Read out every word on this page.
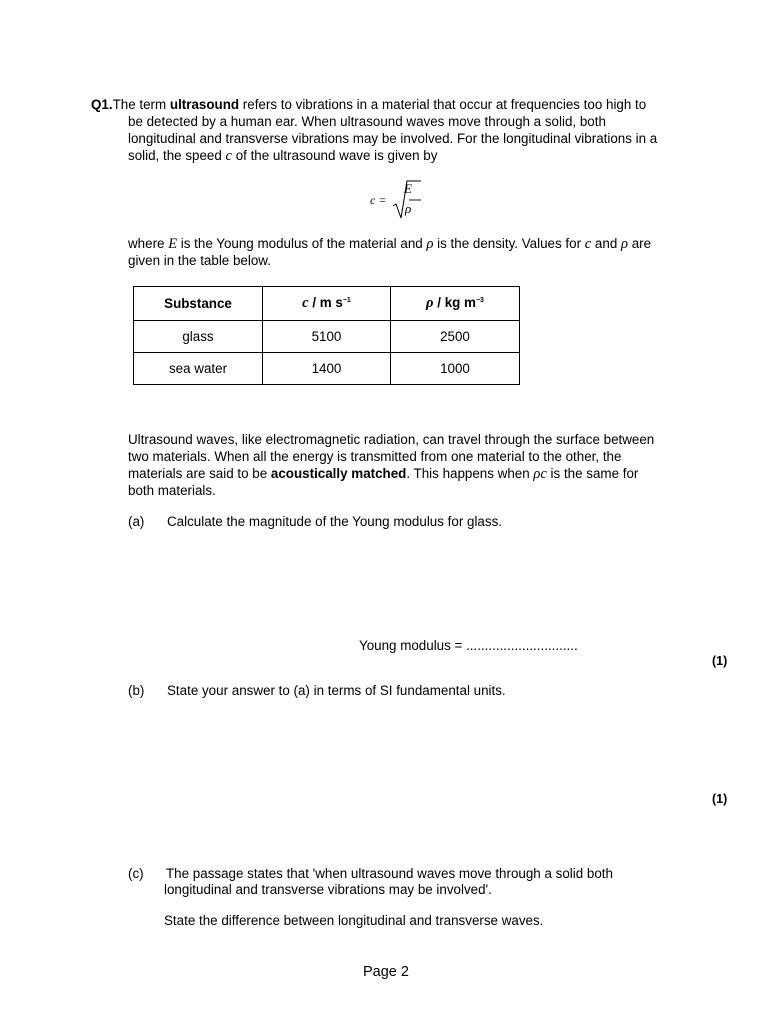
Q1.The term ultrasound refers to vibrations in a material that occur at frequencies too high to
be detected by a human ear. When ultrasound waves move through a solid, both
longitudinal and transverse vibrations may be involved. For the longitudinal vibrations in a
solid, the speed c of the ultrasound wave is given by
c =
E
ρ
where E is the Young modulus of the material and ρ is the density. Values for c and ρ are
given in the table below.
Substance	c / m $s^{-1}$	ρ / kg $m^{-3}$
glass	5100	2500
sea water	1400	1000
Ultrasound waves, like electromagnetic radiation, can travel through the surface between
two materials. When all the energy is transmitted from one material to the other, the
materials are said to be acoustically matched. This happens when ρc is the same for
both materials.
(a) Calculate the magnitude of the Young modulus for glass.
Young modulus = ..............................
(1)
(b) State your answer to (a) in terms of SI fundamental units.
(1)
(c) The passage states that 'when ultrasound waves move through a solid both
longitudinal and transverse vibrations may be involved'.
State the difference between longitudinal and transverse waves.
Page 2
